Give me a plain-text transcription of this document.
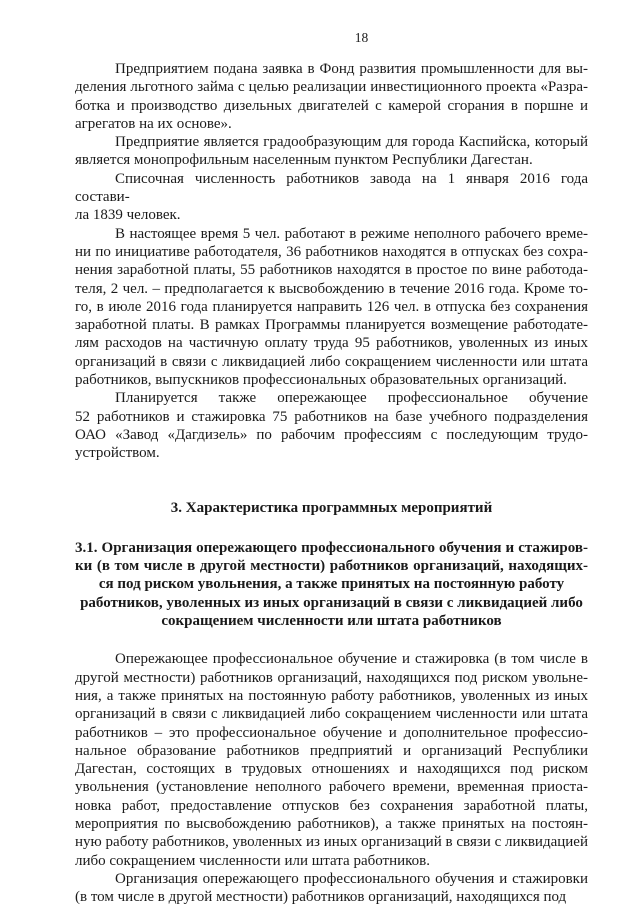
18
Предприятием подана заявка в Фонд развития промышленности для вы-
деления льготного займа с целью реализации инвестиционного проекта «Разра-
ботка и производство дизельных двигателей с камерой сгорания в поршне и
агрегатов на их основе».
Предприятие является градообразующим для города Каспийска, который
является монопрофильным населенным пунктом Республики Дагестан.
Списочная численность работников завода на 1 января 2016 года состави-
ла 1839 человек.
В настоящее время 5 чел. работают в режиме неполного рабочего време-
ни по инициативе работодателя, 36 работников находятся в отпусках без сохра-
нения заработной платы, 55 работников находятся в простое по вине работода-
теля, 2 чел. – предполагается к высвобождению в течение 2016 года. Кроме то-
го, в июле 2016 года планируется направить 126 чел. в отпуска без сохранения
заработной платы. В рамках Программы планируется возмещение работодате-
лям расходов на частичную оплату труда 95 работников, уволенных из иных
организаций в связи с ликвидацией либо сокращением численности или штата
работников, выпускников профессиональных образовательных организаций.
Планируется также опережающее профессиональное обучение
52 работников и стажировка 75 работников на базе учебного подразделения
ОАО «Завод «Дагдизель» по рабочим профессиям с последующим трудо-
устройством.
3. Характеристика программных мероприятий
3.1. Организация опережающего профессионального обучения и стажиров-
ки (в том числе в другой местности) работников организаций, находящих-
ся под риском увольнения, а также принятых на постоянную работу
работников, уволенных из иных организаций в связи с ликвидацией либо
сокращением численности или штата работников
Опережающее профессиональное обучение и стажировка (в том числе в
другой местности) работников организаций, находящихся под риском увольне-
ния, а также принятых на постоянную работу работников, уволенных из иных
организаций в связи с ликвидацией либо сокращением численности или штата
работников – это профессиональное обучение и дополнительное профессио-
нальное образование работников предприятий и организаций Республики
Дагестан, состоящих в трудовых отношениях и находящихся под риском
увольнения (установление неполного рабочего времени, временная приоста-
новка работ, предоставление отпусков без сохранения заработной платы,
мероприятия по высвобождению работников), а также принятых на постоян-
ную работу работников, уволенных из иных организаций в связи с ликвидацией
либо сокращением численности или штата работников.
Организация опережающего профессионального обучения и стажировки
(в том числе в другой местности) работников организаций, находящихся под
